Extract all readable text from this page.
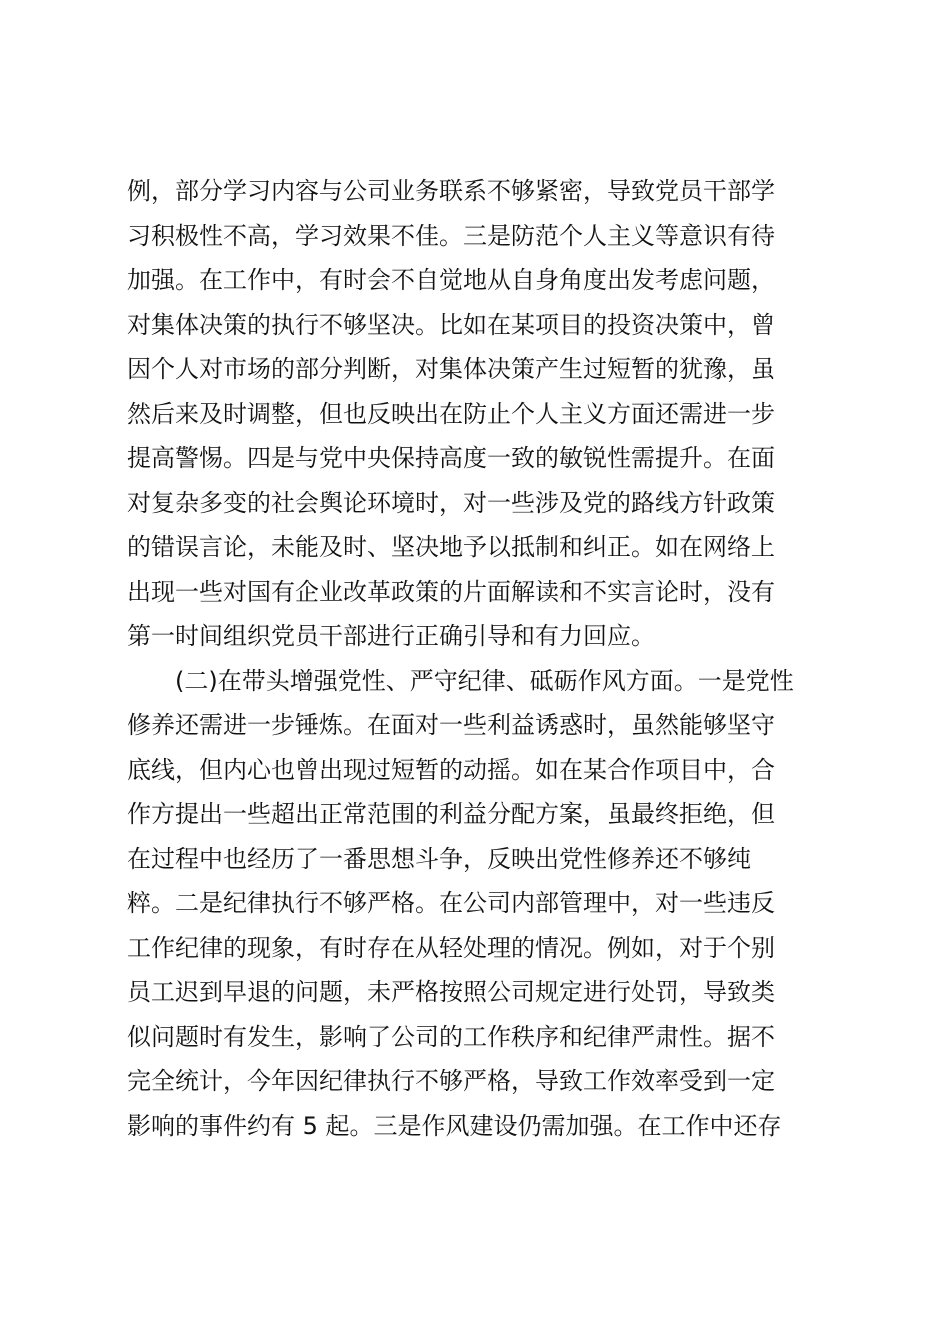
例，部分学习内容与公司业务联系不够紧密，导致党员干部学
习积极性不高，学习效果不佳。三是防范个人主义等意识有待
加强。在工作中，有时会不自觉地从自身角度出发考虑问题，
对集体决策的执行不够坚决。比如在某项目的投资决策中，曾
因个人对市场的部分判断，对集体决策产生过短暂的犹豫，虽
然后来及时调整，但也反映出在防止个人主义方面还需进一步
提高警惕。四是与党中央保持高度一致的敏锐性需提升。在面
对复杂多变的社会舆论环境时，对一些涉及党的路线方针政策
的错误言论，未能及时、坚决地予以抵制和纠正。如在网络上
出现一些对国有企业改革政策的片面解读和不实言论时，没有
第一时间组织党员干部进行正确引导和有力回应。
(二)在带头增强党性、严守纪律、砥砺作风方面。一是党性
修养还需进一步锤炼。在面对一些利益诱惑时，虽然能够坚守
底线，但内心也曾出现过短暂的动摇。如在某合作项目中，合
作方提出一些超出正常范围的利益分配方案，虽最终拒绝，但
在过程中也经历了一番思想斗争，反映出党性修养还不够纯
粹。二是纪律执行不够严格。在公司内部管理中，对一些违反
工作纪律的现象，有时存在从轻处理的情况。例如，对于个别
员工迟到早退的问题，未严格按照公司规定进行处罚，导致类
似问题时有发生，影响了公司的工作秩序和纪律严肃性。据不
完全统计，今年因纪律执行不够严格，导致工作效率受到一定
影响的事件约有 5 起。三是作风建设仍需加强。在工作中还存
